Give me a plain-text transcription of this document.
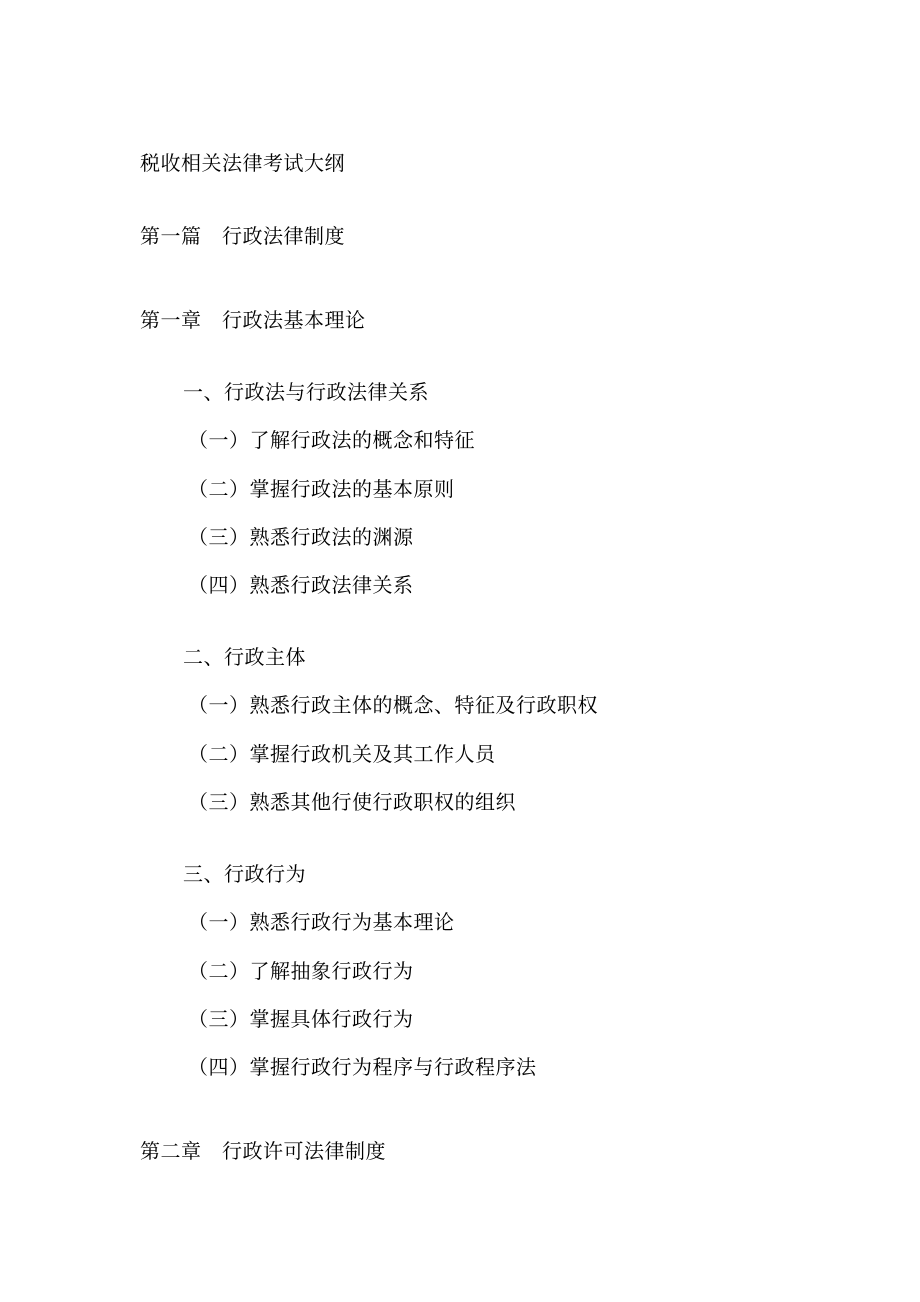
税收相关法律考试大纲
第一篇　行政法律制度
第一章　行政法基本理论
一、行政法与行政法律关系
（一）了解行政法的概念和特征
（二）掌握行政法的基本原则
（三）熟悉行政法的渊源
（四）熟悉行政法律关系
二、行政主体
（一）熟悉行政主体的概念、特征及行政职权
（二）掌握行政机关及其工作人员
（三）熟悉其他行使行政职权的组织
三、行政行为
（一）熟悉行政行为基本理论
（二）了解抽象行政行为
（三）掌握具体行政行为
（四）掌握行政行为程序与行政程序法
第二章　行政许可法律制度
